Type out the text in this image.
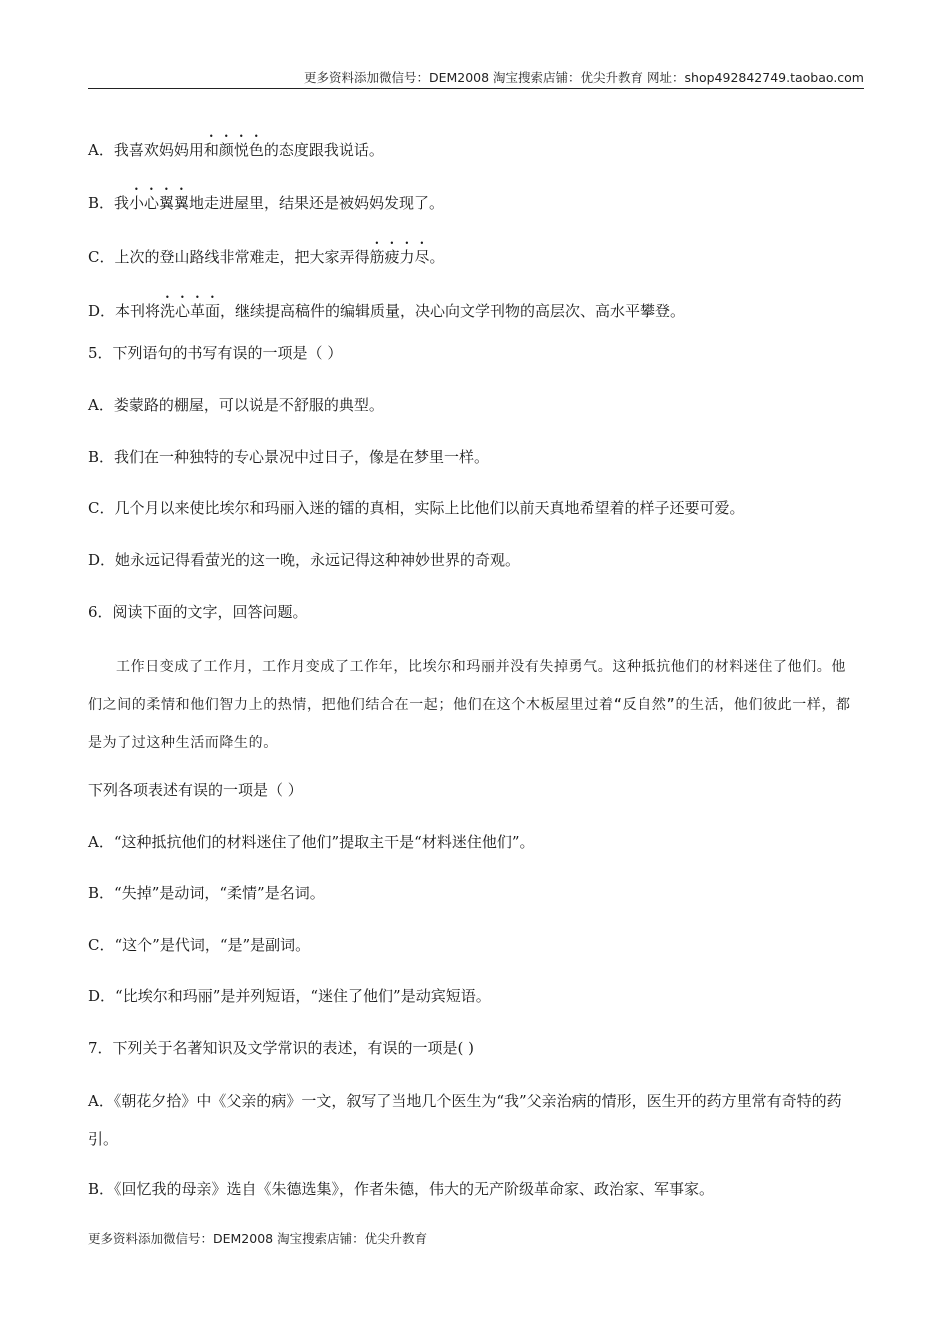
更多资料添加微信号：DEM2008 淘宝搜索店铺：优尖升教育 网址：shop492842749.taobao.com
A．我喜欢妈妈用和颜悦色的态度跟我说话。
B．我小心翼翼地走进屋里，结果还是被妈妈发现了。
C．上次的登山路线非常难走，把大家弄得筋疲力尽。
D．本刊将洗心革面，继续提高稿件的编辑质量，决心向文学刊物的高层次、高水平攀登。
5．下列语句的书写有误的一项是（ ）
A．娄蒙路的棚屋，可以说是不舒服的典型。
B．我们在一种独特的专心景况中过日子，像是在梦里一样。
C．几个月以来使比埃尔和玛丽入迷的镭的真相，实际上比他们以前天真地希望着的样子还要可爱。
D．她永远记得看萤光的这一晚，永远记得这种神妙世界的奇观。
6．阅读下面的文字，回答问题。
工作日变成了工作月，工作月变成了工作年，比埃尔和玛丽并没有失掉勇气。这种抵抗他们的材料迷住了他们。他们之间的柔情和他们智力上的热情，把他们结合在一起；他们在这个木板屋里过着“反自然”的生活，他们彼此一样，都是为了过这种生活而降生的。
下列各项表述有误的一项是（ ）
A．“这种抵抗他们的材料迷住了他们”提取主干是“材料迷住他们”。
B．“失掉”是动词，“柔情”是名词。
C．“这个”是代词，“是”是副词。
D．“比埃尔和玛丽”是并列短语，“迷住了他们”是动宾短语。
7．下列关于名著知识及文学常识的表述，有误的一项是( )
A．《朝花夕拾》中《父亲的病》一文，叙写了当地几个医生为“我”父亲治病的情形，医生开的药方里常有奇特的药引。
B．《回忆我的母亲》选自《朱德选集》，作者朱德，伟大的无产阶级革命家、政治家、军事家。
更多资料添加微信号：DEM2008 淘宝搜索店铺：优尖升教育
